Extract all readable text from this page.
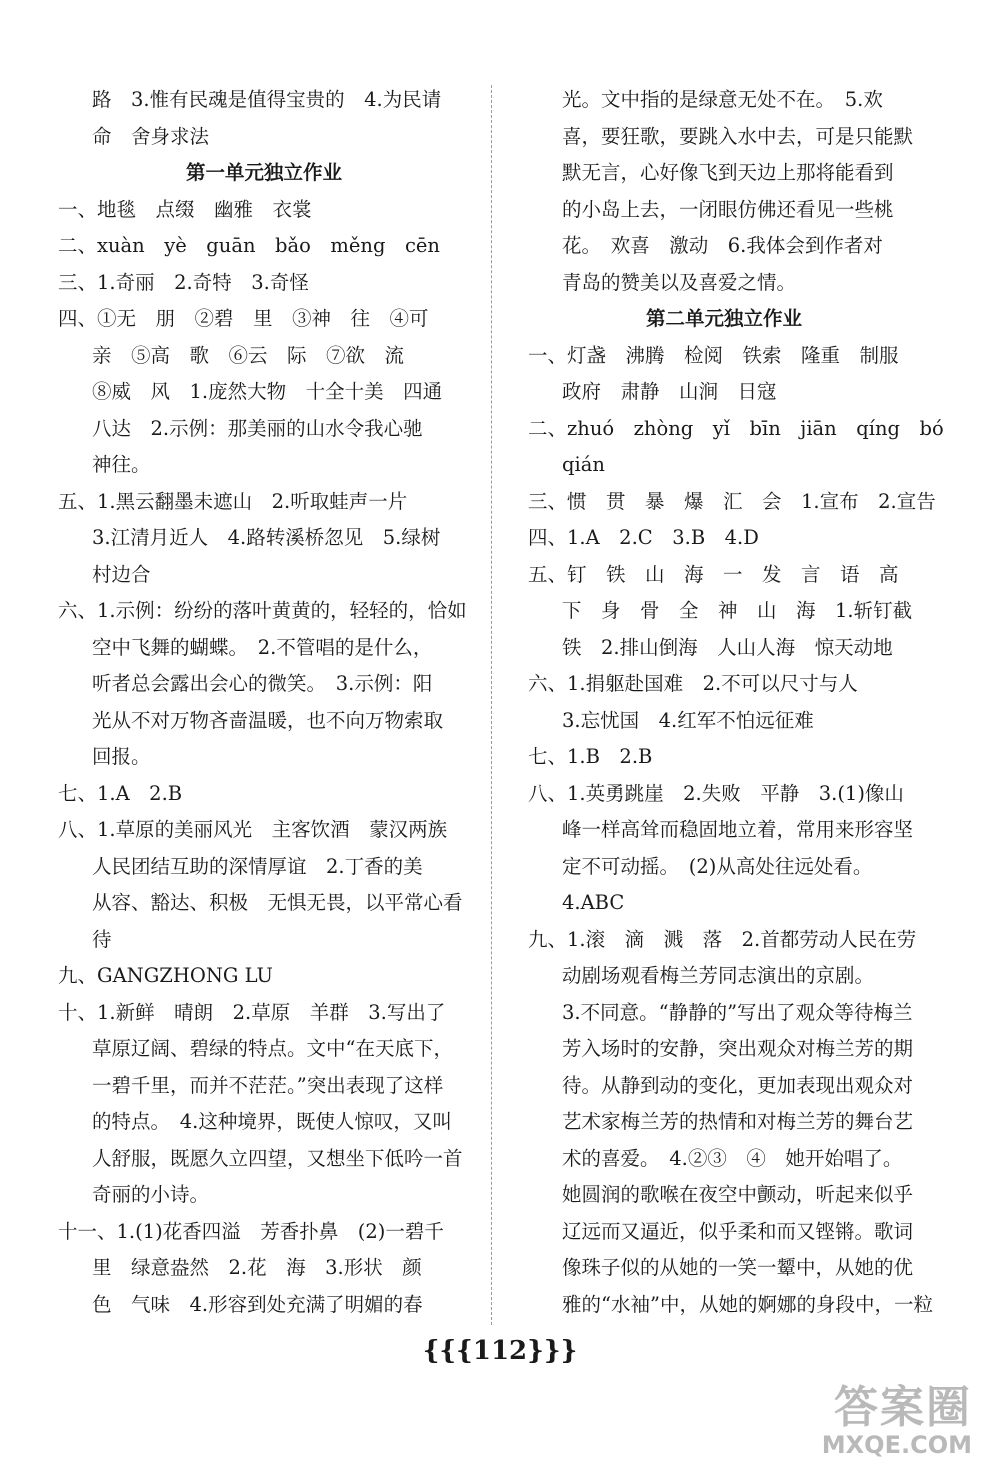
路　3.惟有民魂是值得宝贵的　4.为民请

命　舍身求法

第一单元独立作业

一、地毯　点缀　幽雅　衣裳

二、xuàn　yè　guān　bǎo　měng　cēn

三、1.奇丽　2.奇特　3.奇怪

四、①无　朋　②碧　里　③神　往　④可

亲　⑤高　歌　⑥云　际　⑦欲　流

⑧威　风　1.庞然大物　十全十美　四通

八达　2.示例：那美丽的山水令我心驰

神往。

五、1.黑云翻墨未遮山　2.听取蛙声一片

3.江清月近人　4.路转溪桥忽见　5.绿树

村边合

六、1.示例：纷纷的落叶黄黄的，轻轻的，恰如

空中飞舞的蝴蝶。　2.不管唱的是什么，

听者总会露出会心的微笑。　3.示例：阳

光从不对万物吝啬温暖，也不向万物索取

回报。

七、1.A　2.B

八、1.草原的美丽风光　主客饮酒　蒙汉两族

人民团结互助的深情厚谊　2.丁香的美

从容、豁达、积极　无惧无畏，以平常心看

待

九、GANGZHONG LU

十、1.新鲜　晴朗　2.草原　羊群　3.写出了

草原辽阔、碧绿的特点。文中“在天底下，

一碧千里，而并不茫茫。”突出表现了这样

的特点。　4.这种境界，既使人惊叹，又叫

人舒服，既愿久立四望，又想坐下低吟一首

奇丽的小诗。

十一、1.(1)花香四溢　芳香扑鼻　(2)一碧千

里　绿意盎然　2.花　海　3.形状　颜

色　气味　4.形容到处充满了明媚的春

光。文中指的是绿意无处不在。　5.欢

喜，要狂歌，要跳入水中去，可是只能默

默无言，心好像飞到天边上那将能看到

的小岛上去，一闭眼仿佛还看见一些桃

花。　欢喜　激动　6.我体会到作者对

青岛的赞美以及喜爱之情。

第二单元独立作业

一、灯盏　沸腾　检阅　铁索　隆重　制服

政府　肃静　山涧　日寇

二、zhuó　zhòng　yǐ　bīn　jiān　qíng　bó

qián

三、惯　贯　暴　爆　汇　会　1.宣布　2.宣告

四、1.A　2.C　3.B　4.D

五、钉　铁　山　海　一　发　言　语　高

下　身　骨　全　神　山　海　1.斩钉截

铁　2.排山倒海　人山人海　惊天动地

六、1.捐躯赴国难　2.不可以尺寸与人

3.忘忧国　4.红军不怕远征难

七、1.B　2.B

八、1.英勇跳崖　2.失败　平静　3.(1)像山

峰一样高耸而稳固地立着，常用来形容坚

定不可动摇。　(2)从高处往远处看。

4.ABC

九、1.滚　滴　溅　落　2.首都劳动人民在劳

动剧场观看梅兰芳同志演出的京剧。

3.不同意。“静静的”写出了观众等待梅兰

芳入场时的安静，突出观众对梅兰芳的期

待。从静到动的变化，更加表现出观众对

艺术家梅兰芳的热情和对梅兰芳的舞台艺

术的喜爱。　4.②③　④　她开始唱了。

她圆润的歌喉在夜空中颤动，听起来似乎

辽远而又逼近，似乎柔和而又铿锵。歌词

像珠子似的从她的一笑一颦中，从她的优

雅的“水袖”中，从她的婀娜的身段中，一粒

{{{112}}}
答案圈
MXQE.COM
